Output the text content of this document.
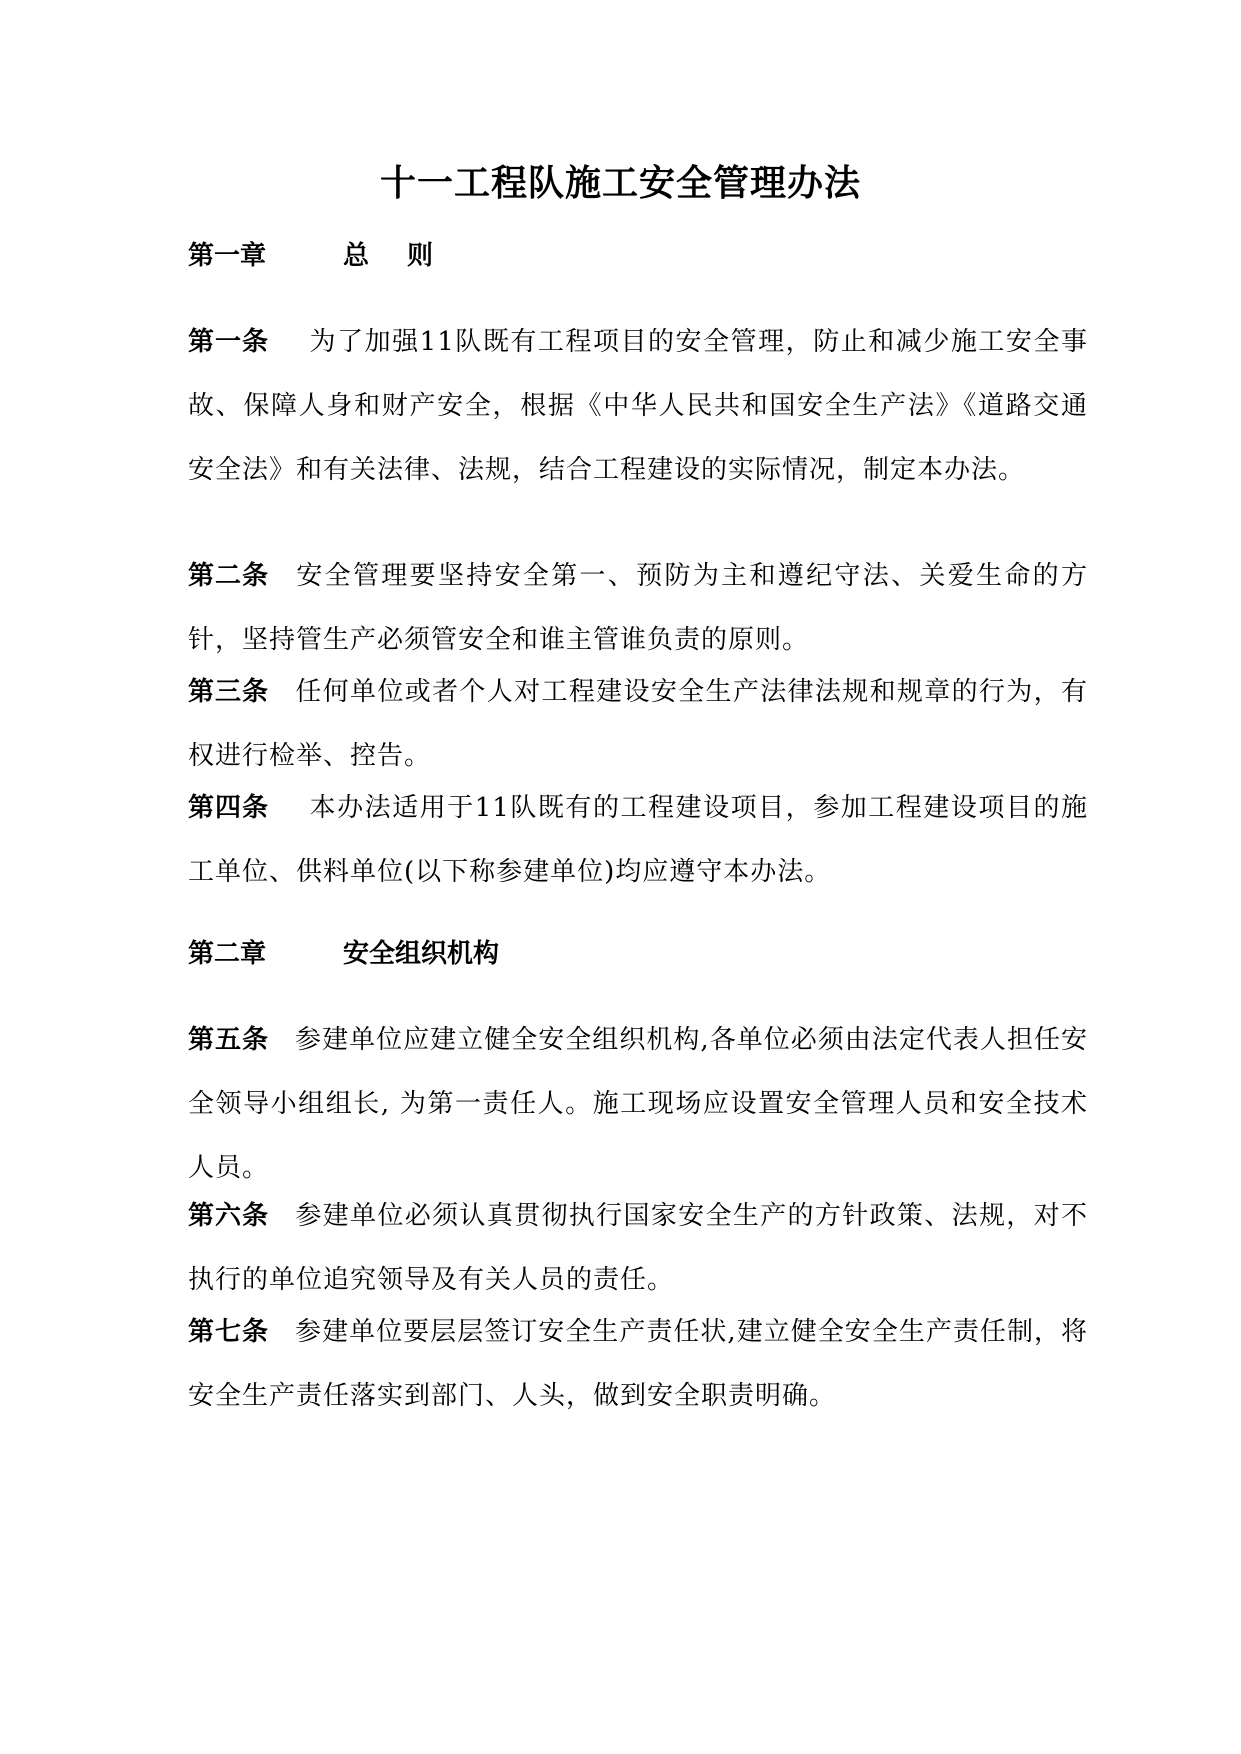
十一工程队施工安全管理办法
第一章	总则

第一条 为了加强11队既有工程项目的安全管理，防止和减少施工安全事故、保障人身和财产安全，根据《中华人民共和国安全生产法》《道路交通安全法》和有关法律、法规，结合工程建设的实际情况，制定本办法。

第二条 安全管理要坚持安全第一、预防为主和遵纪守法、关爱生命的方针，坚持管生产必须管安全和谁主管谁负责的原则。

第三条 任何单位或者个人对工程建设安全生产法律法规和规章的行为，有权进行检举、控告。

第四条 本办法适用于11队既有的工程建设项目，参加工程建设项目的施工单位、供料单位(以下称参建单位)均应遵守本办法。

第二章	安全组织机构

第五条 参建单位应建立健全安全组织机构,各单位必须由法定代表人担任安全领导小组组长, 为第一责任人。施工现场应设置安全管理人员和安全技术人员。

第六条 参建单位必须认真贯彻执行国家安全生产的方针政策、法规，对不执行的单位追究领导及有关人员的责任。

第七条 参建单位要层层签订安全生产责任状,建立健全安全生产责任制，将安全生产责任落实到部门、人头，做到安全职责明确。
